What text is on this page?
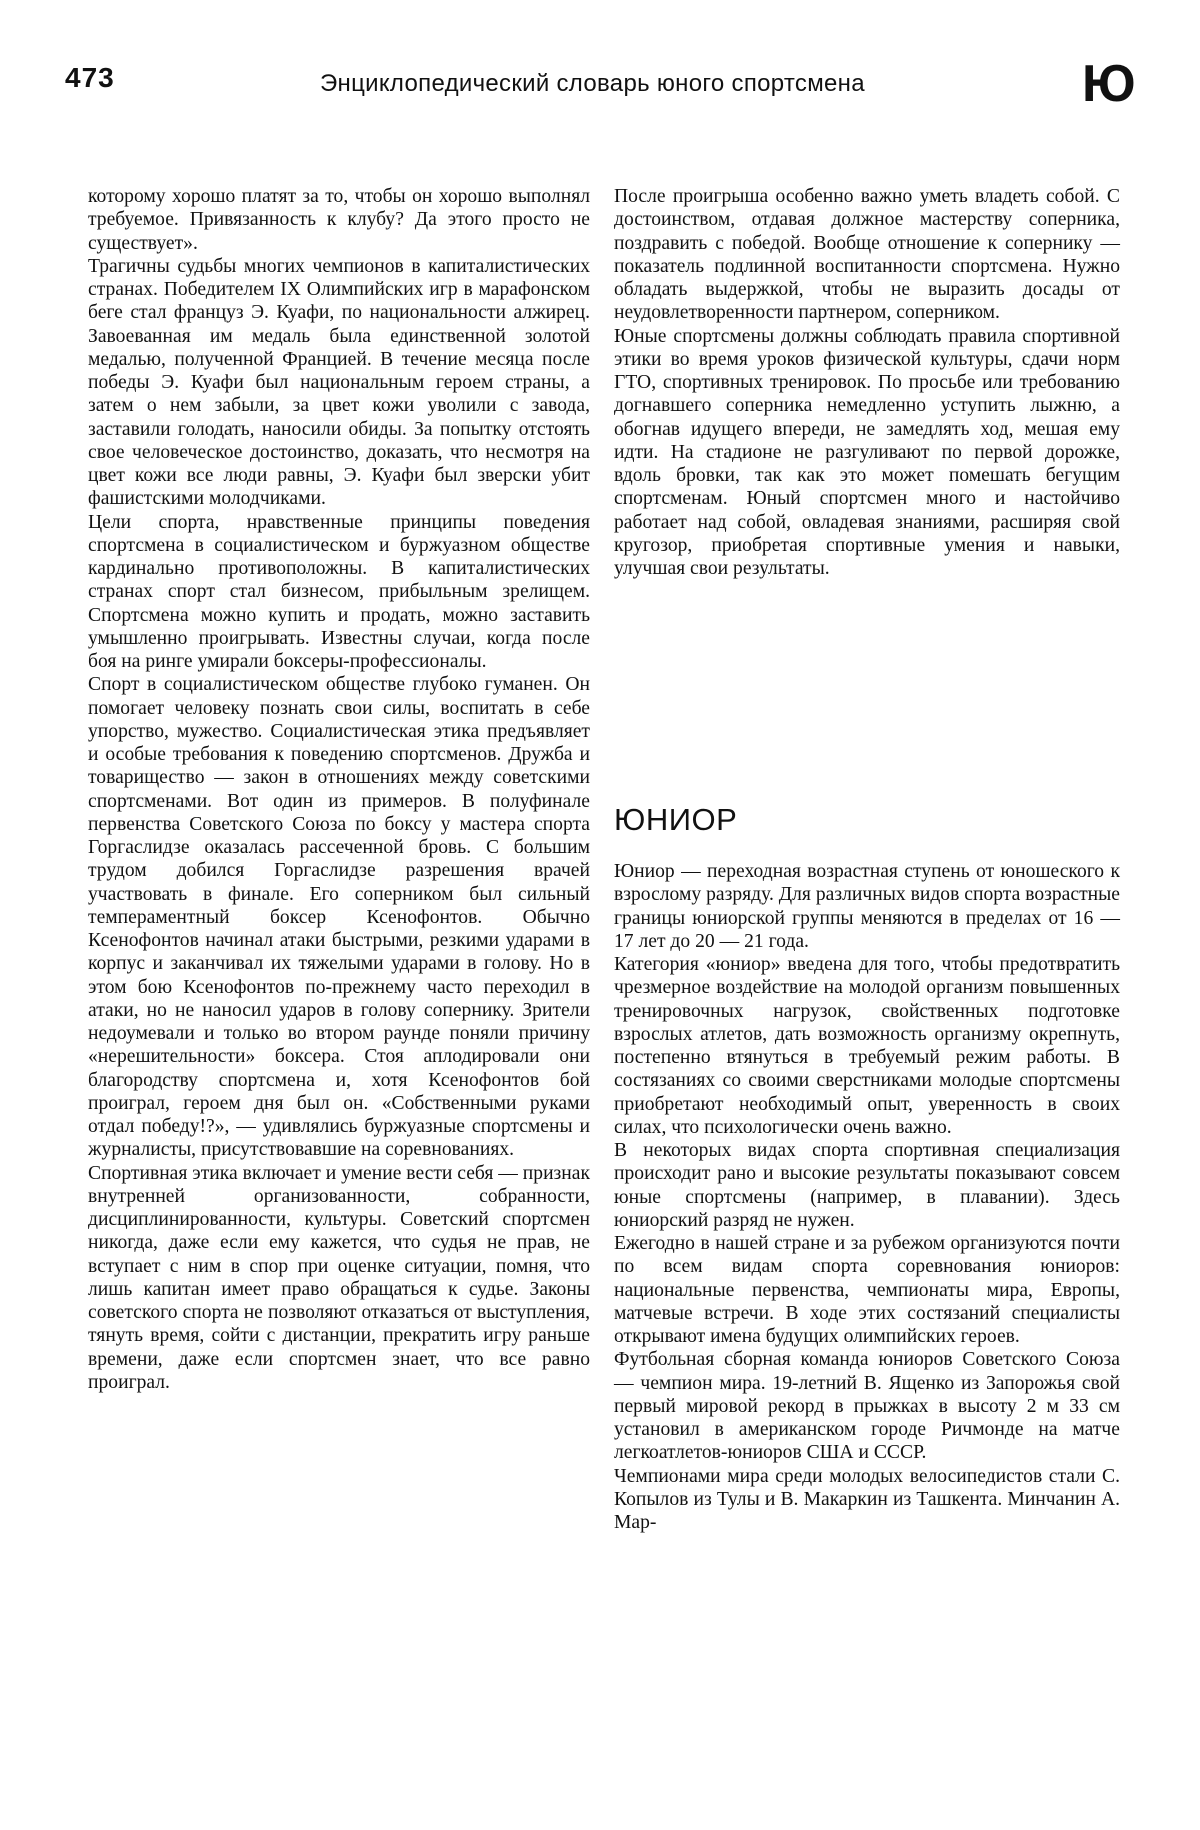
473	Энциклопедический словарь юного спортсмена	Ю

которому хорошо платят за то, чтобы он хорошо выполнял требуемое. Привязанность к клубу? Да этого просто не существует».

Трагичны судьбы многих чемпионов в капиталистических странах. Победителем IX Олимпийских игр в марафонском беге стал француз Э. Куафи, по национальности алжирец. Завоеванная им медаль была единственной золотой медалью, полученной Францией. В течение месяца после победы Э. Куафи был национальным героем страны, а затем о нем забыли, за цвет кожи уволили с завода, заставили голодать, наносили обиды. За попытку отстоять свое человеческое достоинство, доказать, что несмотря на цвет кожи все люди равны, Э. Куафи был зверски убит фашистскими молодчиками.

Цели спорта, нравственные принципы поведения спортсмена в социалистическом и буржуазном обществе кардинально противоположны. В капиталистических странах спорт стал бизнесом, прибыльным зрелищем. Спортсмена можно купить и продать, можно заставить умышленно проигрывать. Известны случаи, когда после боя на ринге умирали боксеры-профессионалы.

Спорт в социалистическом обществе глубоко гуманен. Он помогает человеку познать свои силы, воспитать в себе упорство, мужество. Социалистическая этика предъявляет и особые требования к поведению спортсменов. Дружба и товарищество — закон в отношениях между советскими спортсменами. Вот один из примеров. В полуфинале первенства Советского Союза по боксу у мастера спорта Горгаслидзе оказалась рассеченной бровь. С большим трудом добился Горгаслидзе разрешения врачей участвовать в финале. Его соперником был сильный темпераментный боксер Ксенофонтов. Обычно Ксенофонтов начинал атаки быстрыми, резкими ударами в корпус и заканчивал их тяжелыми ударами в голову. Но в этом бою Ксенофонтов по-прежнему часто переходил в атаки, но не наносил ударов в голову сопернику. Зрители недоумевали и только во втором раунде поняли причину «нерешительности» боксера. Стоя аплодировали они благородству спортсмена и, хотя Ксенофонтов бой проиграл, героем дня был он. «Собственными руками отдал победу!?», — удивлялись буржуазные спортсмены и журналисты, присутствовавшие на соревнованиях.

Спортивная этика включает и умение вести себя — признак внутренней организованности, собранности, дисциплинированности, культуры. Советский спортсмен никогда, даже если ему кажется, что судья не прав, не вступает с ним в спор при оценке ситуации, помня, что лишь капитан имеет право обращаться к судье. Законы советского спорта не позволяют отказаться от выступления, тянуть время, сойти с дистанции, прекратить игру раньше времени, даже если спортсмен знает, что все равно проиграл.

После проигрыша особенно важно уметь владеть собой. С достоинством, отдавая должное мастерству соперника, поздравить с победой. Вообще отношение к сопернику — показатель подлинной воспитанности спортсмена. Нужно обладать выдержкой, чтобы не выразить досады от неудовлетворенности партнером, соперником.

Юные спортсмены должны соблюдать правила спортивной этики во время уроков физической культуры, сдачи норм ГТО, спортивных тренировок. По просьбе или требованию догнавшего соперника немедленно уступить лыжню, а обогнав идущего впереди, не замедлять ход, мешая ему идти. На стадионе не разгуливают по первой дорожке, вдоль бровки, так как это может помешать бегущим спортсменам. Юный спортсмен много и настойчиво работает над собой, овладевая знаниями, расширяя свой кругозор, приобретая спортивные умения и навыки, улучшая свои результаты.

ЮНИОР

Юниор — переходная возрастная ступень от юношеского к взрослому разряду. Для различных видов спорта возрастные границы юниорской группы меняются в пределах от 16 — 17 лет до 20 — 21 года.

Категория «юниор» введена для того, чтобы предотвратить чрезмерное воздействие на молодой организм повышенных тренировочных нагрузок, свойственных подготовке взрослых атлетов, дать возможность организму окрепнуть, постепенно втянуться в требуемый режим работы. В состязаниях со своими сверстниками молодые спортсмены приобретают необходимый опыт, уверенность в своих силах, что психологически очень важно.

В некоторых видах спорта спортивная специализация происходит рано и высокие результаты показывают совсем юные спортсмены (например, в плавании). Здесь юниорский разряд не нужен.

Ежегодно в нашей стране и за рубежом организуются почти по всем видам спорта соревнования юниоров: национальные первенства, чемпионаты мира, Европы, матчевые встречи. В ходе этих состязаний специалисты открывают имена будущих олимпийских героев.

Футбольная сборная команда юниоров Советского Союза — чемпион мира. 19-летний В. Ященко из Запорожья свой первый мировой рекорд в прыжках в высоту 2 м 33 см установил в американском городе Ричмонде на матче легкоатлетов-юниоров США и СССР.

Чемпионами мира среди молодых велосипедистов стали С. Копылов из Тулы и В. Макаркин из Ташкента. Минчанин А. Мар-
